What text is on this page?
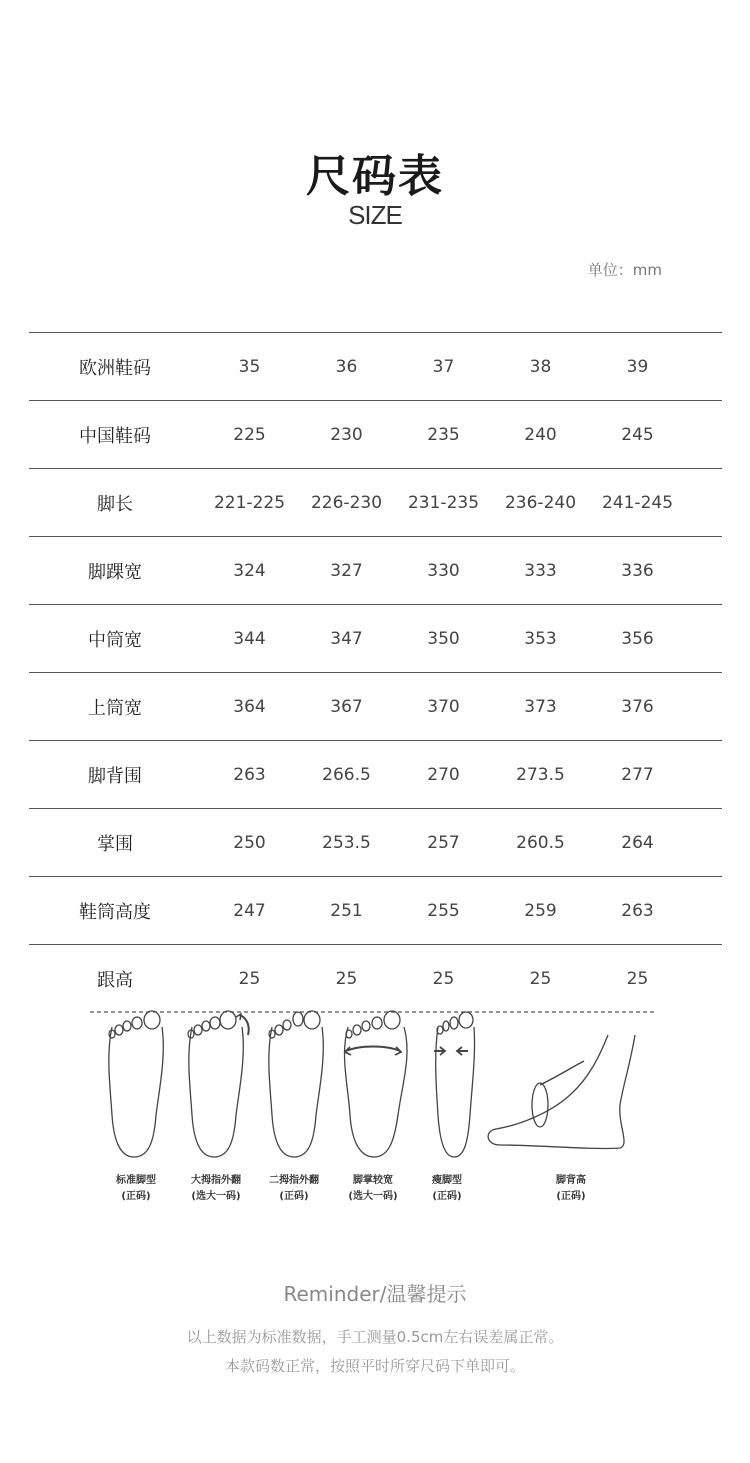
尺码表
SIZE
单位：mm
欧洲鞋码	35	36	37	38	39
中国鞋码	225	230	235	240	245
脚长	221-225	226-230	231-235	236-240	241-245
脚踝宽	324	327	330	333	336
中筒宽	344	347	350	353	356
上筒宽	364	367	370	373	376
脚背围	263	266.5	270	273.5	277
掌围	250	253.5	257	260.5	264
鞋筒高度	247	251	255	259	263
跟高	25	25	25	25	25
标准脚型
(正码)
大拇指外翻
(选大一码)
二拇指外翻
(正码)
脚掌较宽
(选大一码)
瘦脚型
(正码)
脚背高
(正码)
Reminder/温馨提示
以上数据为标准数据，手工测量0.5cm左右误差属正常。
本款码数正常，按照平时所穿尺码下单即可。
